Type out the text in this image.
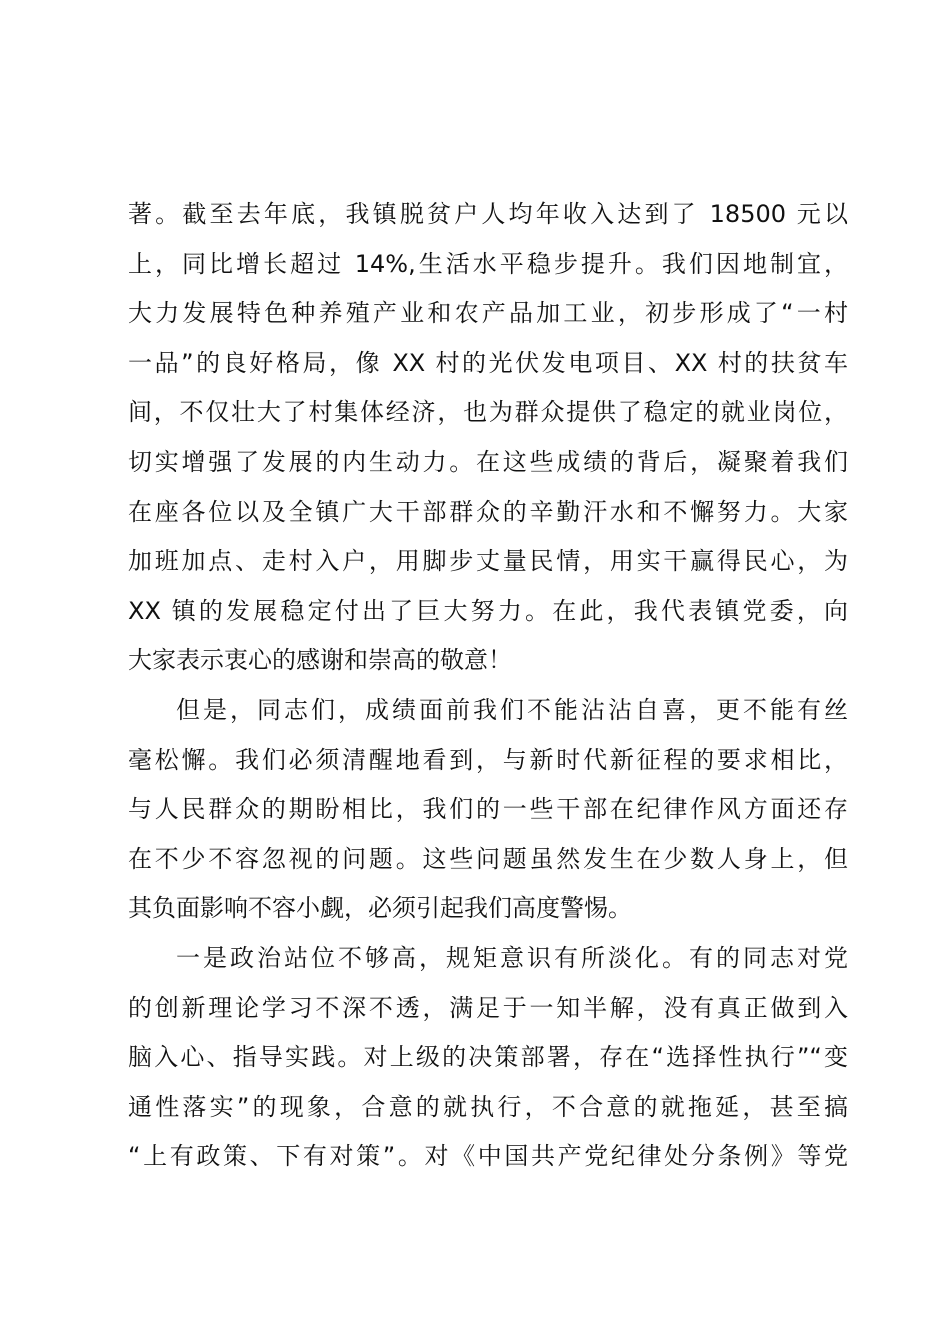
著。截至去年底，我镇脱贫户人均年收入达到了 18500 元以
上，同比增长超过 14%,生活水平稳步提升。我们因地制宜，
大力发展特色种养殖产业和农产品加工业，初步形成了“一村
一品”的良好格局，像 XX 村的光伏发电项目、XX 村的扶贫车
间，不仅壮大了村集体经济，也为群众提供了稳定的就业岗位，
切实增强了发展的内生动力。在这些成绩的背后，凝聚着我们
在座各位以及全镇广大干部群众的辛勤汗水和不懈努力。大家
加班加点、走村入户，用脚步丈量民情，用实干赢得民心，为
XX 镇的发展稳定付出了巨大努力。在此，我代表镇党委，向
大家表示衷心的感谢和崇高的敬意！
但是，同志们，成绩面前我们不能沾沾自喜，更不能有丝
毫松懈。我们必须清醒地看到，与新时代新征程的要求相比，
与人民群众的期盼相比，我们的一些干部在纪律作风方面还存
在不少不容忽视的问题。这些问题虽然发生在少数人身上，但
其负面影响不容小觑，必须引起我们高度警惕。
一是政治站位不够高，规矩意识有所淡化。有的同志对党
的创新理论学习不深不透，满足于一知半解，没有真正做到入
脑入心、指导实践。对上级的决策部署，存在“选择性执行”“变
通性落实”的现象，合意的就执行，不合意的就拖延，甚至搞
“上有政策、下有对策”。对《中国共产党纪律处分条例》等党
